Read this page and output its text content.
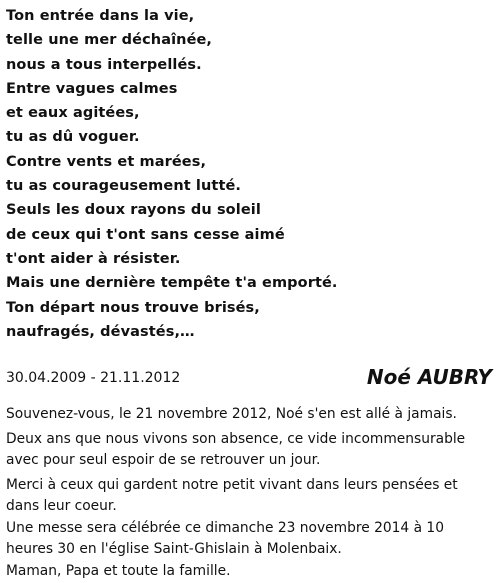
Ton entrée dans la vie,
telle une mer déchaînée,
nous a tous interpellés.
Entre vagues calmes
et eaux agitées,
tu as dû voguer.
Contre vents et marées,
tu as courageusement lutté.
Seuls les doux rayons du soleil
de ceux qui t'ont sans cesse aimé
t'ont aider à résister.
Mais une dernière tempête t'a emporté.
Ton départ nous trouve brisés,
naufragés, dévastés,…
30.04.2009 - 21.11.2012	Noé AUBRY

Souvenez-vous, le 21 novembre 2012, Noé s'en est allé à jamais.

Deux ans que nous vivons son absence, ce vide incommensurable avec pour seul espoir de se retrouver un jour.

Merci à ceux qui gardent notre petit vivant dans leurs pensées et dans leur coeur.

Une messe sera célébrée ce dimanche 23 novembre 2014 à 10 heures 30 en l'église Saint-Ghislain à Molenbaix.

Maman, Papa et toute la famille.
